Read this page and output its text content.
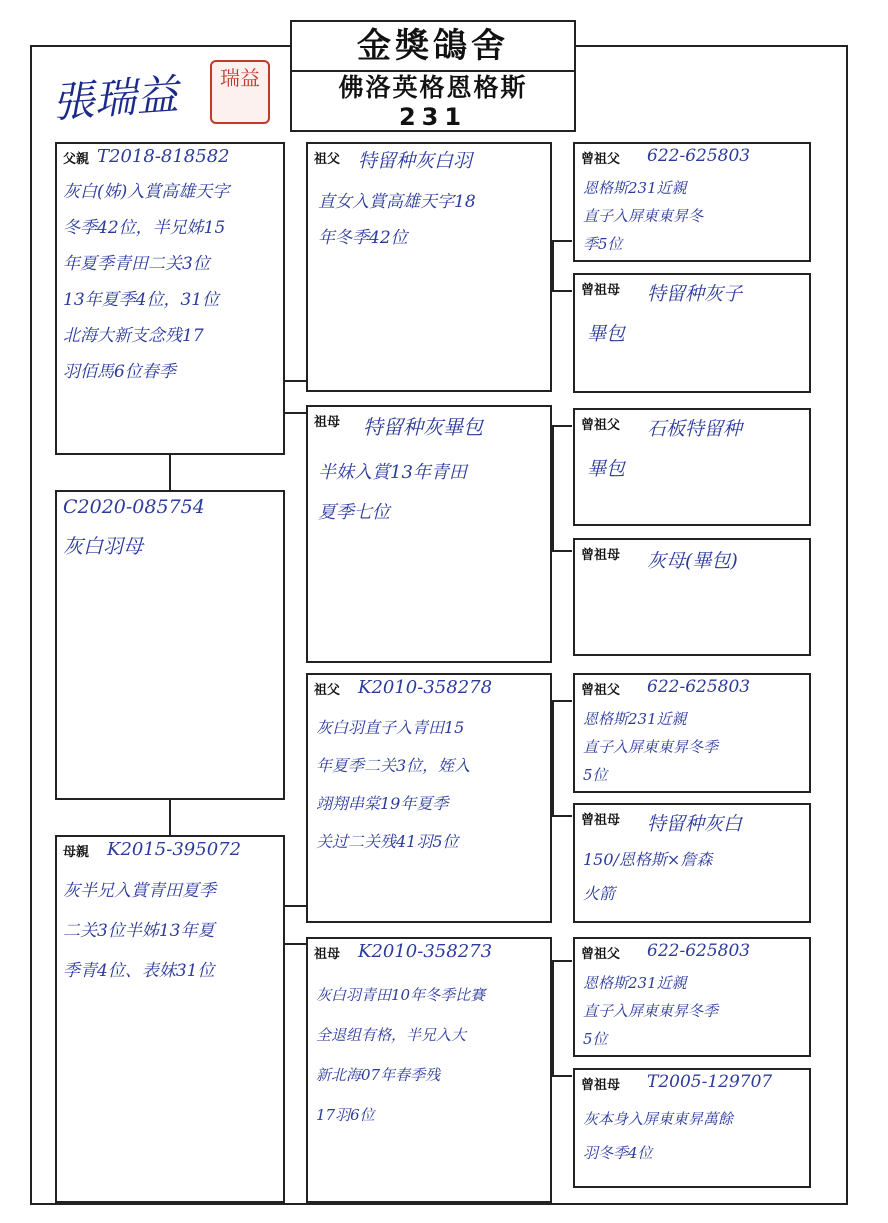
金獎鴿舍
佛洛英格恩格斯
231
張瑞益	瑞益
父親 T2018-818582
灰白(姊)入賞高雄天字
冬季42位，半兄姊15
年夏季青田二关3位
13年夏季4位，31位
北海大新支念残17
羽佰馬6位春季
C2020-085754
灰白羽母
母親 K2015-395072
灰半兄入賞青田夏季
二关3位半姊13年夏
季青4位、表妹31位
祖父 特留种灰白羽
直女入賞高雄天字18
年冬季42位
祖母 特留种灰畢包
半妹入賞13年青田
夏季七位
祖父 K2010-358278
灰白羽直子入青田15
年夏季二关3位，姪入
翊翔串棠19年夏季
关过二关残41羽5位
祖母 K2010-358273
灰白羽青田10年冬季比賽
全退组有格，半兄入大
新北海07年春季残
17羽6位
曾祖父 622-625803
恩格斯231近親
直子入屏東東昇冬
季5位
曾祖母 特留种灰子
畢包
曾祖父 石板特留种
畢包
曾祖母 灰母(畢包)
曾祖父 622-625803
恩格斯231近親
直子入屏東東昇冬季
5位
曾祖母 特留种灰白
150/恩格斯×詹森
火箭
曾祖父 622-625803
恩格斯231近親
直子入屏東東昇冬季
5位
曾祖母 T2005-129707
灰本身入屏東東昇萬餘
羽冬季4位
